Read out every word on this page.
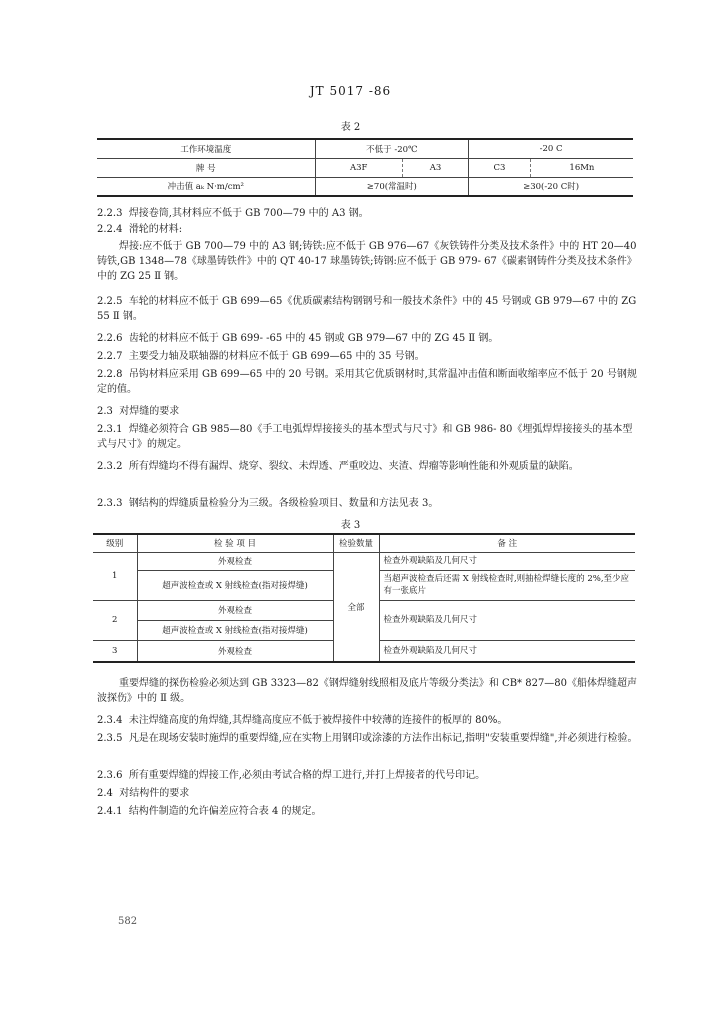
JT 5017 -86
表 2
工作环境温度	不低于 -20℃		-20 C	
牌 号	A3F	A3	C3	16Mn
冲击值 aₖ N·m/cm²	≥70(常温时)		≥30(-20 C时)	
2.2.3 焊接卷筒,其材料应不低于 GB 700—79 中的 A3 钢。
2.2.4 滑轮的材料:
焊接:应不低于 GB 700—79 中的 A3 钢;铸铁:应不低于 GB 976—67《灰铁铸件分类及技术条件》中的 HT 20—40 铸铁,GB 1348—78《球墨铸铁件》中的 QT 40-17 球墨铸铁;铸钢:应不低于 GB 979- 67《碳素钢铸件分类及技术条件》中的 ZG 25 Ⅱ 钢。
2.2.5 车轮的材料应不低于 GB 699—65《优质碳素结构钢钢号和一般技术条件》中的 45 号钢或 GB 979—67 中的 ZG 55 Ⅱ 钢。
2.2.6 齿轮的材料应不低于 GB 699- -65 中的 45 钢或 GB 979—67 中的 ZG 45 Ⅱ 钢。
2.2.7 主要受力轴及联轴器的材料应不低于 GB 699—65 中的 35 号钢。
2.2.8 吊钩材料应采用 GB 699—65 中的 20 号钢。采用其它优质钢材时,其常温冲击值和断面收缩率应不低于 20 号钢规定的值。
2.3 对焊缝的要求
2.3.1 焊缝必须符合 GB 985—80《手工电弧焊焊接接头的基本型式与尺寸》和 GB 986- 80《埋弧焊焊接接头的基本型式与尺寸》的规定。
2.3.2 所有焊缝均不得有漏焊、烧穿、裂纹、未焊透、严重咬边、夹渣、焊瘤等影响性能和外观质量的缺陷。
2.3.3 钢结构的焊缝质量检验分为三级。各级检验项目、数量和方法见表 3。
表 3
级别	检 验 项 目	检验数量	备 注
1	外观检查	全部	检查外观缺陷及几何尺寸
	超声波检查或 X 射线检查(指对接焊缝)		当超声波检查后还需 X 射线检查时,则抽检焊缝长度的 2%,至少应有一张底片
2	外观检查		检查外观缺陷及几何尺寸
	超声波检查或 X 射线检查(指对接焊缝)		
3	外观检查		检查外观缺陷及几何尺寸
重要焊缝的探伤检验必须达到 GB 3323—82《钢焊缝射线照相及底片等级分类法》和 CB* 827—80《船体焊缝超声波探伤》中的 Ⅱ 级。
2.3.4 未注焊缝高度的角焊缝,其焊缝高度应不低于被焊接件中较薄的连接件的板厚的 80%。
2.3.5 凡是在现场安装时施焊的重要焊缝,应在实物上用钢印或涂漆的方法作出标记,指明"安装重要焊缝",并必须进行检验。
2.3.6 所有重要焊缝的焊接工作,必须由考试合格的焊工进行,并打上焊接者的代号印记。
2.4 对结构件的要求
2.4.1 结构件制造的允许偏差应符合表 4 的规定。
582
